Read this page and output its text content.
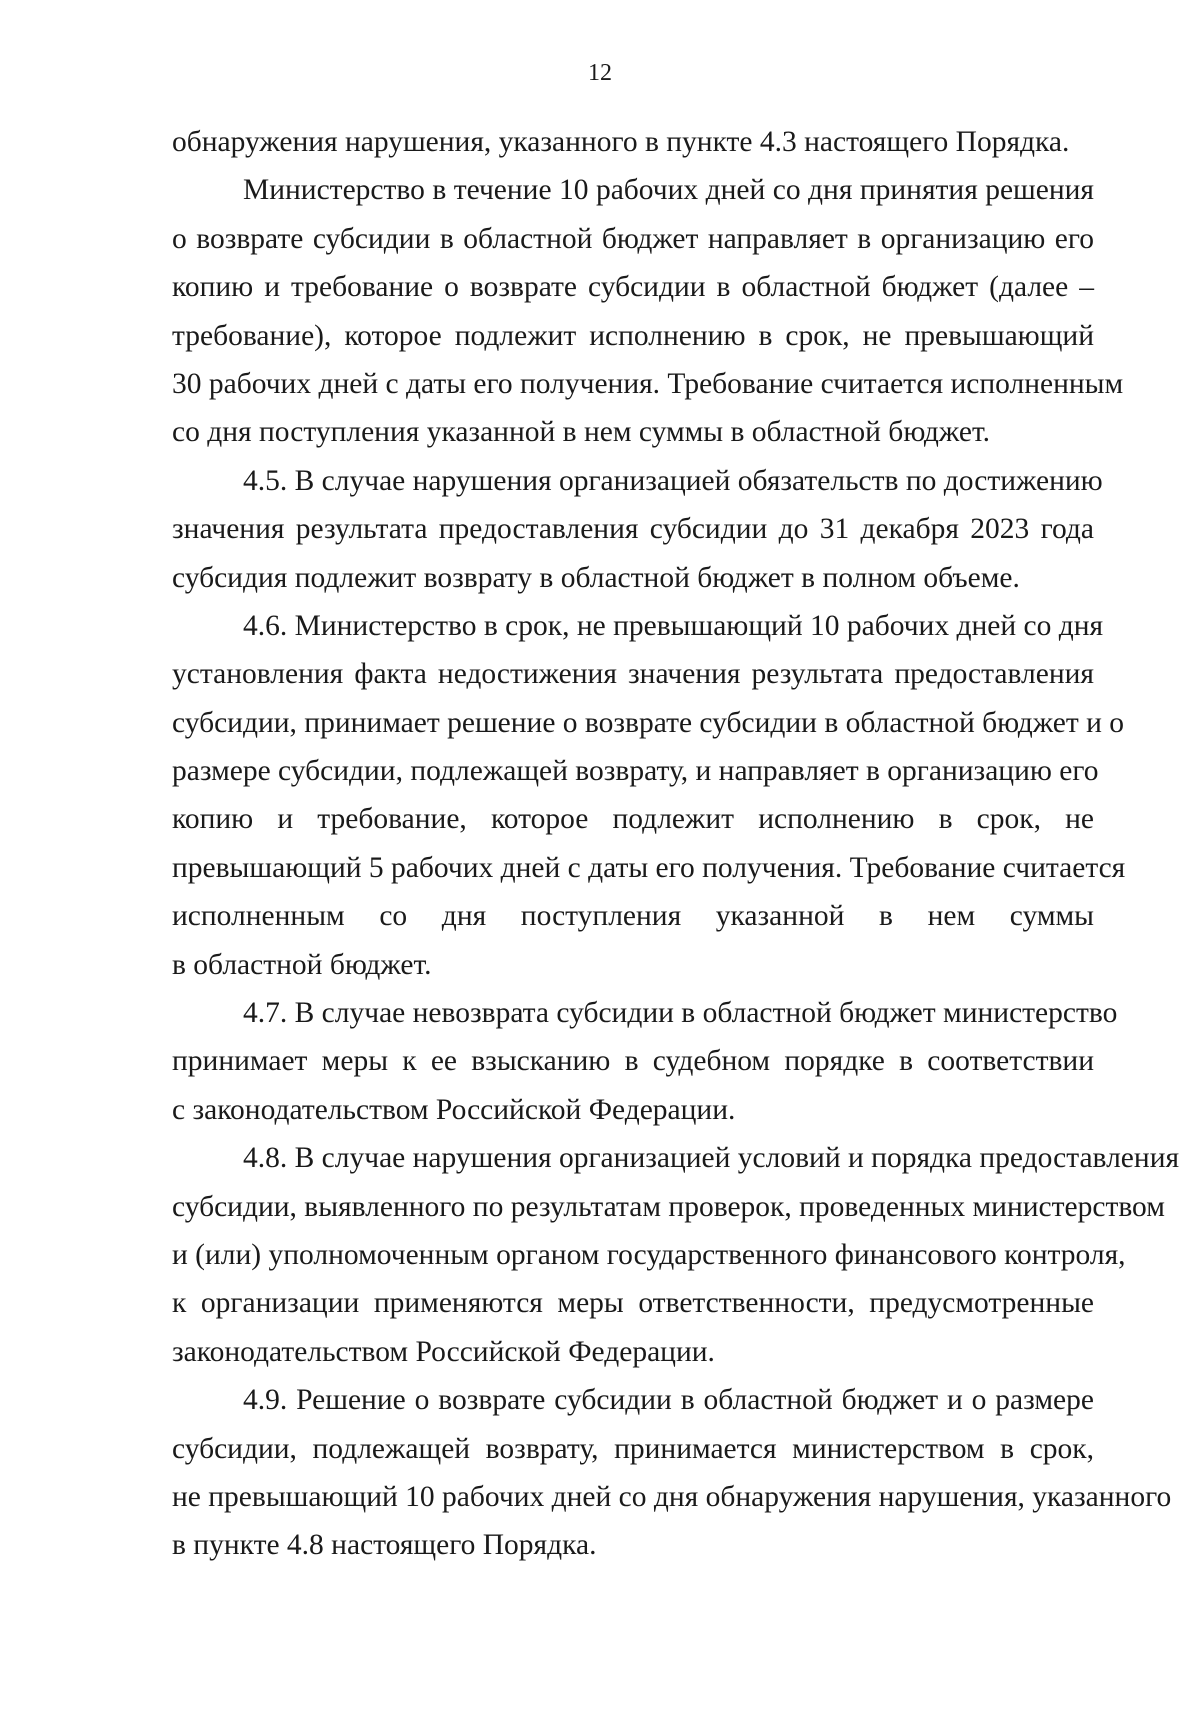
12
обнаружения нарушения, указанного в пункте 4.3 настоящего Порядка.
Министерство в течение 10 рабочих дней со дня принятия решения
о возврате субсидии в областной бюджет направляет в организацию его
копию и требование о возврате субсидии в областной бюджет (далее –
требование), которое подлежит исполнению в срок, не превышающий
30 рабочих дней с даты его получения. Требование считается исполненным
со дня поступления указанной в нем суммы в областной бюджет.
4.5. В случае нарушения организацией обязательств по достижению
значения результата предоставления субсидии до 31 декабря 2023 года
субсидия подлежит возврату в областной бюджет в полном объеме.
4.6. Министерство в срок, не превышающий 10 рабочих дней со дня
установления факта недостижения значения результата предоставления
субсидии, принимает решение о возврате субсидии в областной бюджет и о
размере субсидии, подлежащей возврату, и направляет в организацию его
копию и требование, которое подлежит исполнению в срок, не
превышающий 5 рабочих дней с даты его получения. Требование считается
исполненным со дня поступления указанной в нем суммы
в областной бюджет.
4.7. В случае невозврата субсидии в областной бюджет министерство
принимает меры к ее взысканию в судебном порядке в соответствии
с законодательством Российской Федерации.
4.8. В случае нарушения организацией условий и порядка предоставления
субсидии, выявленного по результатам проверок, проведенных министерством
и (или) уполномоченным органом государственного финансового контроля,
к организации применяются меры ответственности, предусмотренные
законодательством Российской Федерации.
4.9. Решение о возврате субсидии в областной бюджет и о размере
субсидии, подлежащей возврату, принимается министерством в срок,
не превышающий 10 рабочих дней со дня обнаружения нарушения, указанного
в пункте 4.8 настоящего Порядка.
